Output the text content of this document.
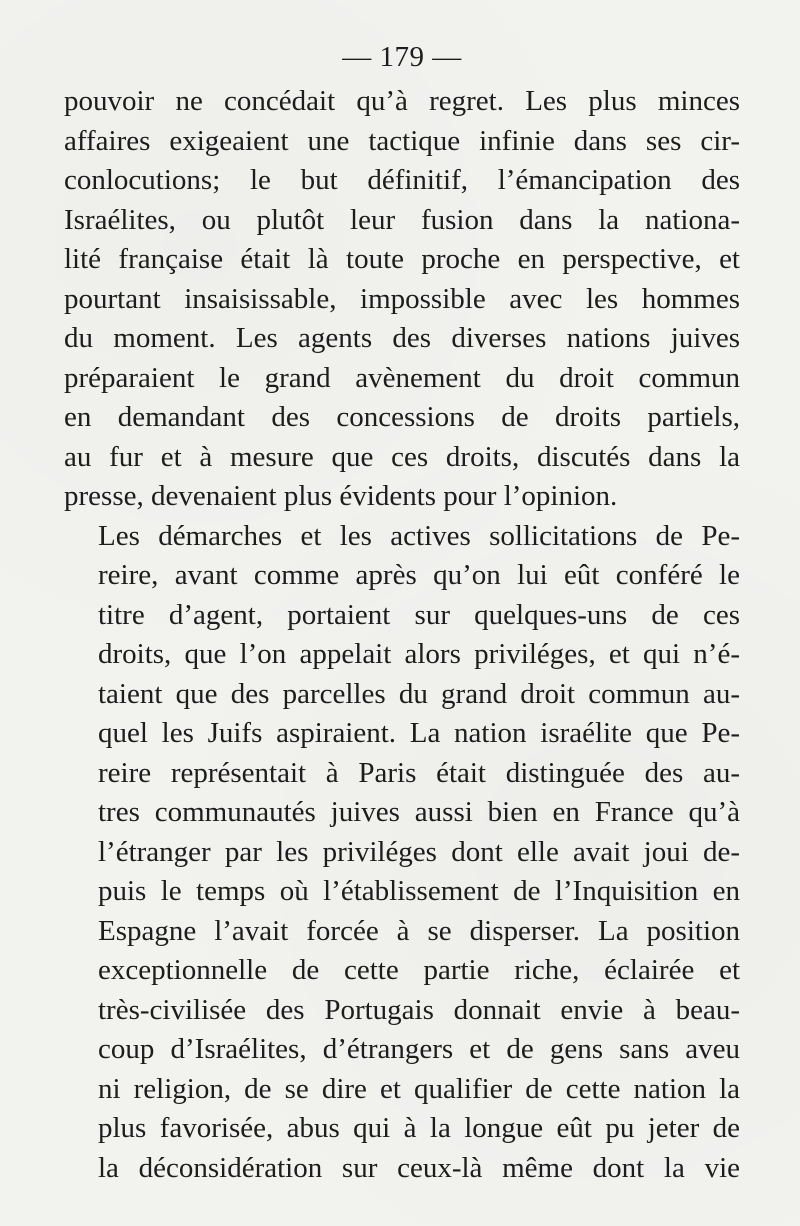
— 179 —

pouvoir ne concédait qu’à regret. Les plus minces
affaires exigeaient une tactique infinie dans ses cir-
conlocutions; le but définitif, l’émancipation des
Israélites, ou plutôt leur fusion dans la nationa-
lité française était là toute proche en perspective, et
pourtant insaisissable, impossible avec les hommes
du moment. Les agents des diverses nations juives
préparaient le grand avènement du droit commun
en demandant des concessions de droits partiels,
au fur et à mesure que ces droits, discutés dans la
presse, devenaient plus évidents pour l’opinion.

Les démarches et les actives sollicitations de Pe-
reire, avant comme après qu’on lui eût conféré le
titre d’agent, portaient sur quelques-uns de ces
droits, que l’on appelait alors priviléges, et qui n’é-
taient que des parcelles du grand droit commun au-
quel les Juifs aspiraient. La nation israélite que Pe-
reire représentait à Paris était distinguée des au-
tres communautés juives aussi bien en France qu’à
l’étranger par les priviléges dont elle avait joui de-
puis le temps où l’établissement de l’Inquisition en
Espagne l’avait forcée à se disperser. La position
exceptionnelle de cette partie riche, éclairée et
très-civilisée des Portugais donnait envie à beau-
coup d’Israélites, d’étrangers et de gens sans aveu
ni religion, de se dire et qualifier de cette nation la
plus favorisée, abus qui à la longue eût pu jeter de
la déconsidération sur ceux-là même dont la vie
